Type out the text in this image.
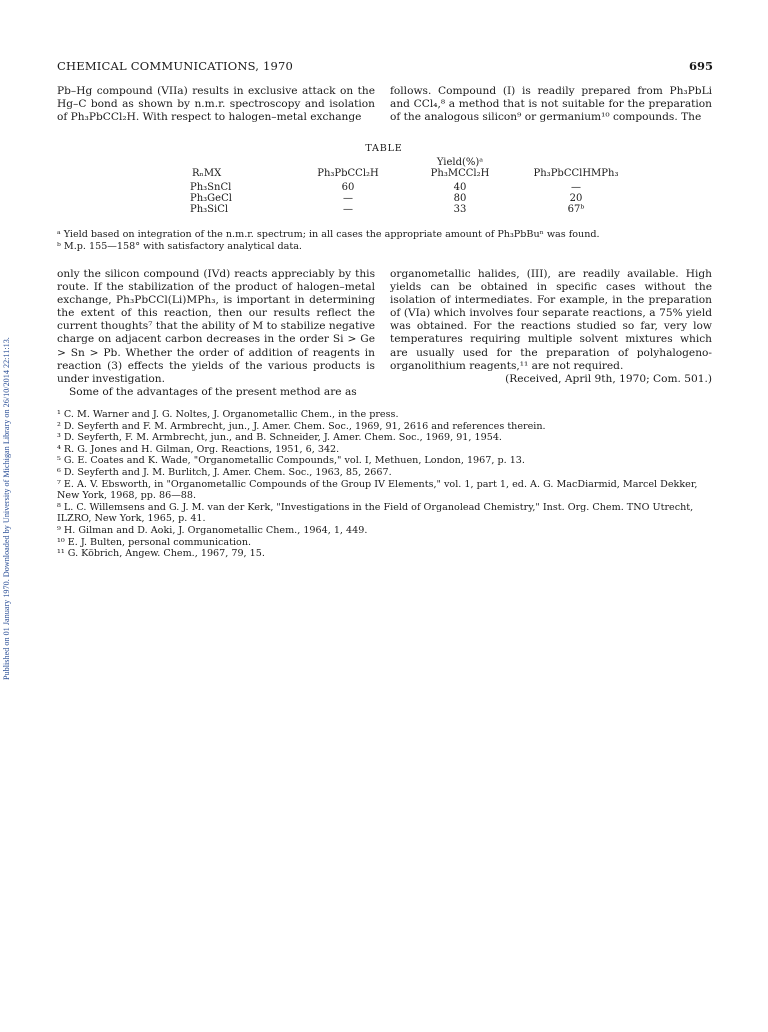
Published on 01 January 1970. Downloaded by University of Michigan Library on 26/10/2014 22:11:13.
CHEMICAL COMMUNICATIONS, 1970	695

Pb–Hg compound (VIIa) results in exclusive attack on the Hg–C bond as shown by n.m.r. spectroscopy and isolation of Ph₃PbCCl₂H. With respect to halogen–metal exchange

follows. Compound (I) is readily prepared from Ph₃PbLi and CCl₄,⁸ a method that is not suitable for the preparation of the analogous silicon⁹ or germanium¹⁰ compounds. The

TABLE
		Yield(%)ᵃ	
RₙMX	Ph₃PbCCl₂H	Ph₃MCCl₂H	Ph₃PbCClHMPh₃
Ph₃SnCl	60	40	—
Ph₃GeCl	—	80	20
Ph₃SiCl	—	33	67ᵇ
ᵃ Yield based on integration of the n.m.r. spectrum; in all cases the appropriate amount of Ph₃PbBuⁿ was found.
ᵇ M.p. 155—158° with satisfactory analytical data.

only the silicon compound (IVd) reacts appreciably by this route. If the stabilization of the product of halogen–metal exchange, Ph₃PbCCl(Li)MPh₃, is important in determining the extent of this reaction, then our results reflect the current thoughts⁷ that the ability of M to stabilize negative charge on adjacent carbon decreases in the order Si > Ge > Sn > Pb. Whether the order of addition of reagents in reaction (3) effects the yields of the various products is under investigation.

Some of the advantages of the present method are as

organometallic halides, (III), are readily available. High yields can be obtained in specific cases without the isolation of intermediates. For example, in the preparation of (VIa) which involves four separate reactions, a 75% yield was obtained. For the reactions studied so far, very low temperatures requiring multiple solvent mixtures which are usually used for the preparation of polyhalogeno-organolithium reagents,¹¹ are not required.

(Received, April 9th, 1970; Com. 501.)

¹ C. M. Warner and J. G. Noltes, J. Organometallic Chem., in the press.
² D. Seyferth and F. M. Armbrecht, jun., J. Amer. Chem. Soc., 1969, 91, 2616 and references therein.
³ D. Seyferth, F. M. Armbrecht, jun., and B. Schneider, J. Amer. Chem. Soc., 1969, 91, 1954.
⁴ R. G. Jones and H. Gilman, Org. Reactions, 1951, 6, 342.
⁵ G. E. Coates and K. Wade, "Organometallic Compounds," vol. I, Methuen, London, 1967, p. 13.
⁶ D. Seyferth and J. M. Burlitch, J. Amer. Chem. Soc., 1963, 85, 2667.
⁷ E. A. V. Ebsworth, in "Organometallic Compounds of the Group IV Elements," vol. 1, part 1, ed. A. G. MacDiarmid, Marcel Dekker, New York, 1968, pp. 86—88.
⁸ L. C. Willemsens and G. J. M. van der Kerk, "Investigations in the Field of Organolead Chemistry," Inst. Org. Chem. TNO Utrecht, ILZRO, New York, 1965, p. 41.
⁹ H. Gilman and D. Aoki, J. Organometallic Chem., 1964, 1, 449.
¹⁰ E. J. Bulten, personal communication.
¹¹ G. Köbrich, Angew. Chem., 1967, 79, 15.
